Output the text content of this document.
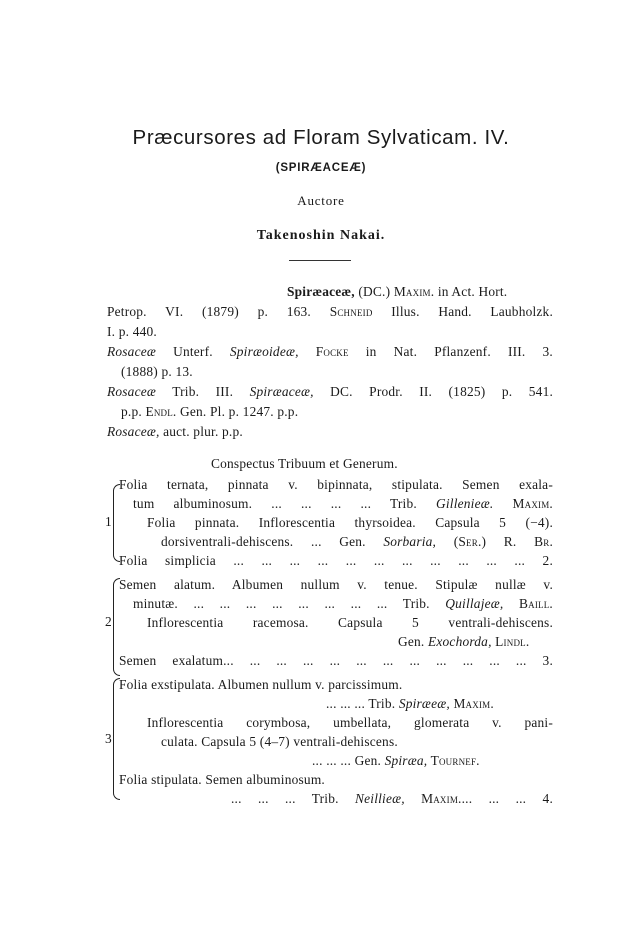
Præcursores ad Floram Sylvaticam. IV.
(SPIRÆACEÆ)
Auctore
Takenoshin Nakai.
Spiræaceæ, (DC.) Maxim. in Act. Hort.
Petrop. VI. (1879) p. 163. Schneid Illus. Hand. Laubholzk.
I. p. 440.
Rosaceæ Unterf. Spiræoideæ, Focke in Nat. Pflanzenf. III. 3.
(1888) p. 13.
Rosaceæ Trib. III. Spiræaceæ, DC. Prodr. II. (1825) p. 541.
p.p. Endl. Gen. Pl. p. 1247. p.p.
Rosaceæ, auct. plur. p.p.
Conspectus Tribuum et Generum.
1
Folia ternata, pinnata v. bipinnata, stipulata. Semen exala-
tum albuminosum. ... ... ... ... Trib. Gillenieæ. Maxim.
Folia pinnata. Inflorescentia thyrsoidea. Capsula 5 (−4).
dorsiventrali-dehiscens. ... Gen. Sorbaria, (Ser.) R. Br.
Folia simplicia ... ... ... ... ... ... ... ... ... ... ... 2.
2
Semen alatum. Albumen nullum v. tenue. Stipulæ nullæ v.
minutæ. ... ... ... ... ... ... ... ... Trib. Quillajeæ, Baill.
Inflorescentia racemosa. Capsula 5 ventrali-dehiscens.
Gen. Exochorda, Lindl.
Semen exalatum... ... ... ... ... ... ... ... ... ... ... ... 3.
3
Folia exstipulata. Albumen nullum v. parcissimum.
... ... ... Trib. Spiræeæ, Maxim.
Inflorescentia corymbosa, umbellata, glomerata v. pani-
culata. Capsula 5 (4–7) ventrali-dehiscens.
... ... ... Gen. Spiræa, Tournef.
Folia stipulata. Semen albuminosum.
... ... ... Trib. Neillieæ, Maxim.... ... ... 4.
